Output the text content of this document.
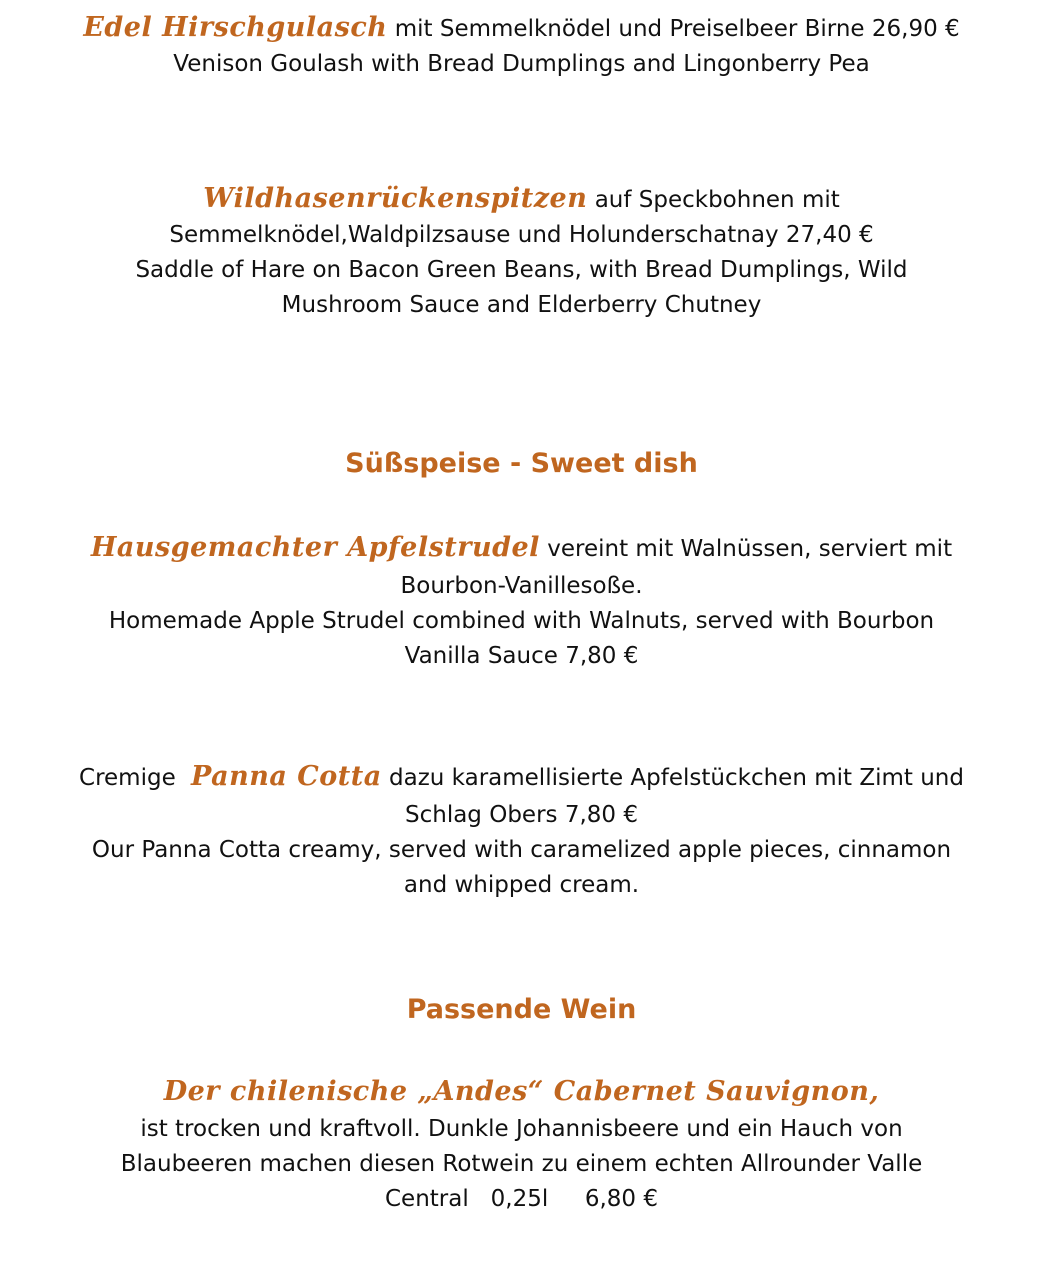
Edel Hirschgulasch mit Semmelknödel und Preiselbeer Birne 26,90 €
Venison Goulash with Bread Dumplings and Lingonberry Pea
Wildhasenrückenspitzen auf Speckbohnen mit
Semmelknödel,Waldpilzsause und Holunderschatnay 27,40 €
Saddle of Hare on Bacon Green Beans, with Bread Dumplings, Wild
Mushroom Sauce and Elderberry Chutney
Süßspeise - Sweet dish
Hausgemachter Apfelstrudel vereint mit Walnüssen, serviert mit
Bourbon-Vanillesoße.
Homemade Apple Strudel combined with Walnuts, served with Bourbon
Vanilla Sauce 7,80 €
Cremige Panna Cotta dazu karamellisierte Apfelstückchen mit Zimt und
Schlag Obers 7,80 €
Our Panna Cotta creamy, served with caramelized apple pieces, cinnamon
and whipped cream.
Passende Wein
Der chilenische „Andes“ Cabernet Sauvignon,
ist trocken und kraftvoll. Dunkle Johannisbeere und ein Hauch von
Blaubeeren machen diesen Rotwein zu einem echten Allrounder Valle
Central   0,25l     6,80 €
